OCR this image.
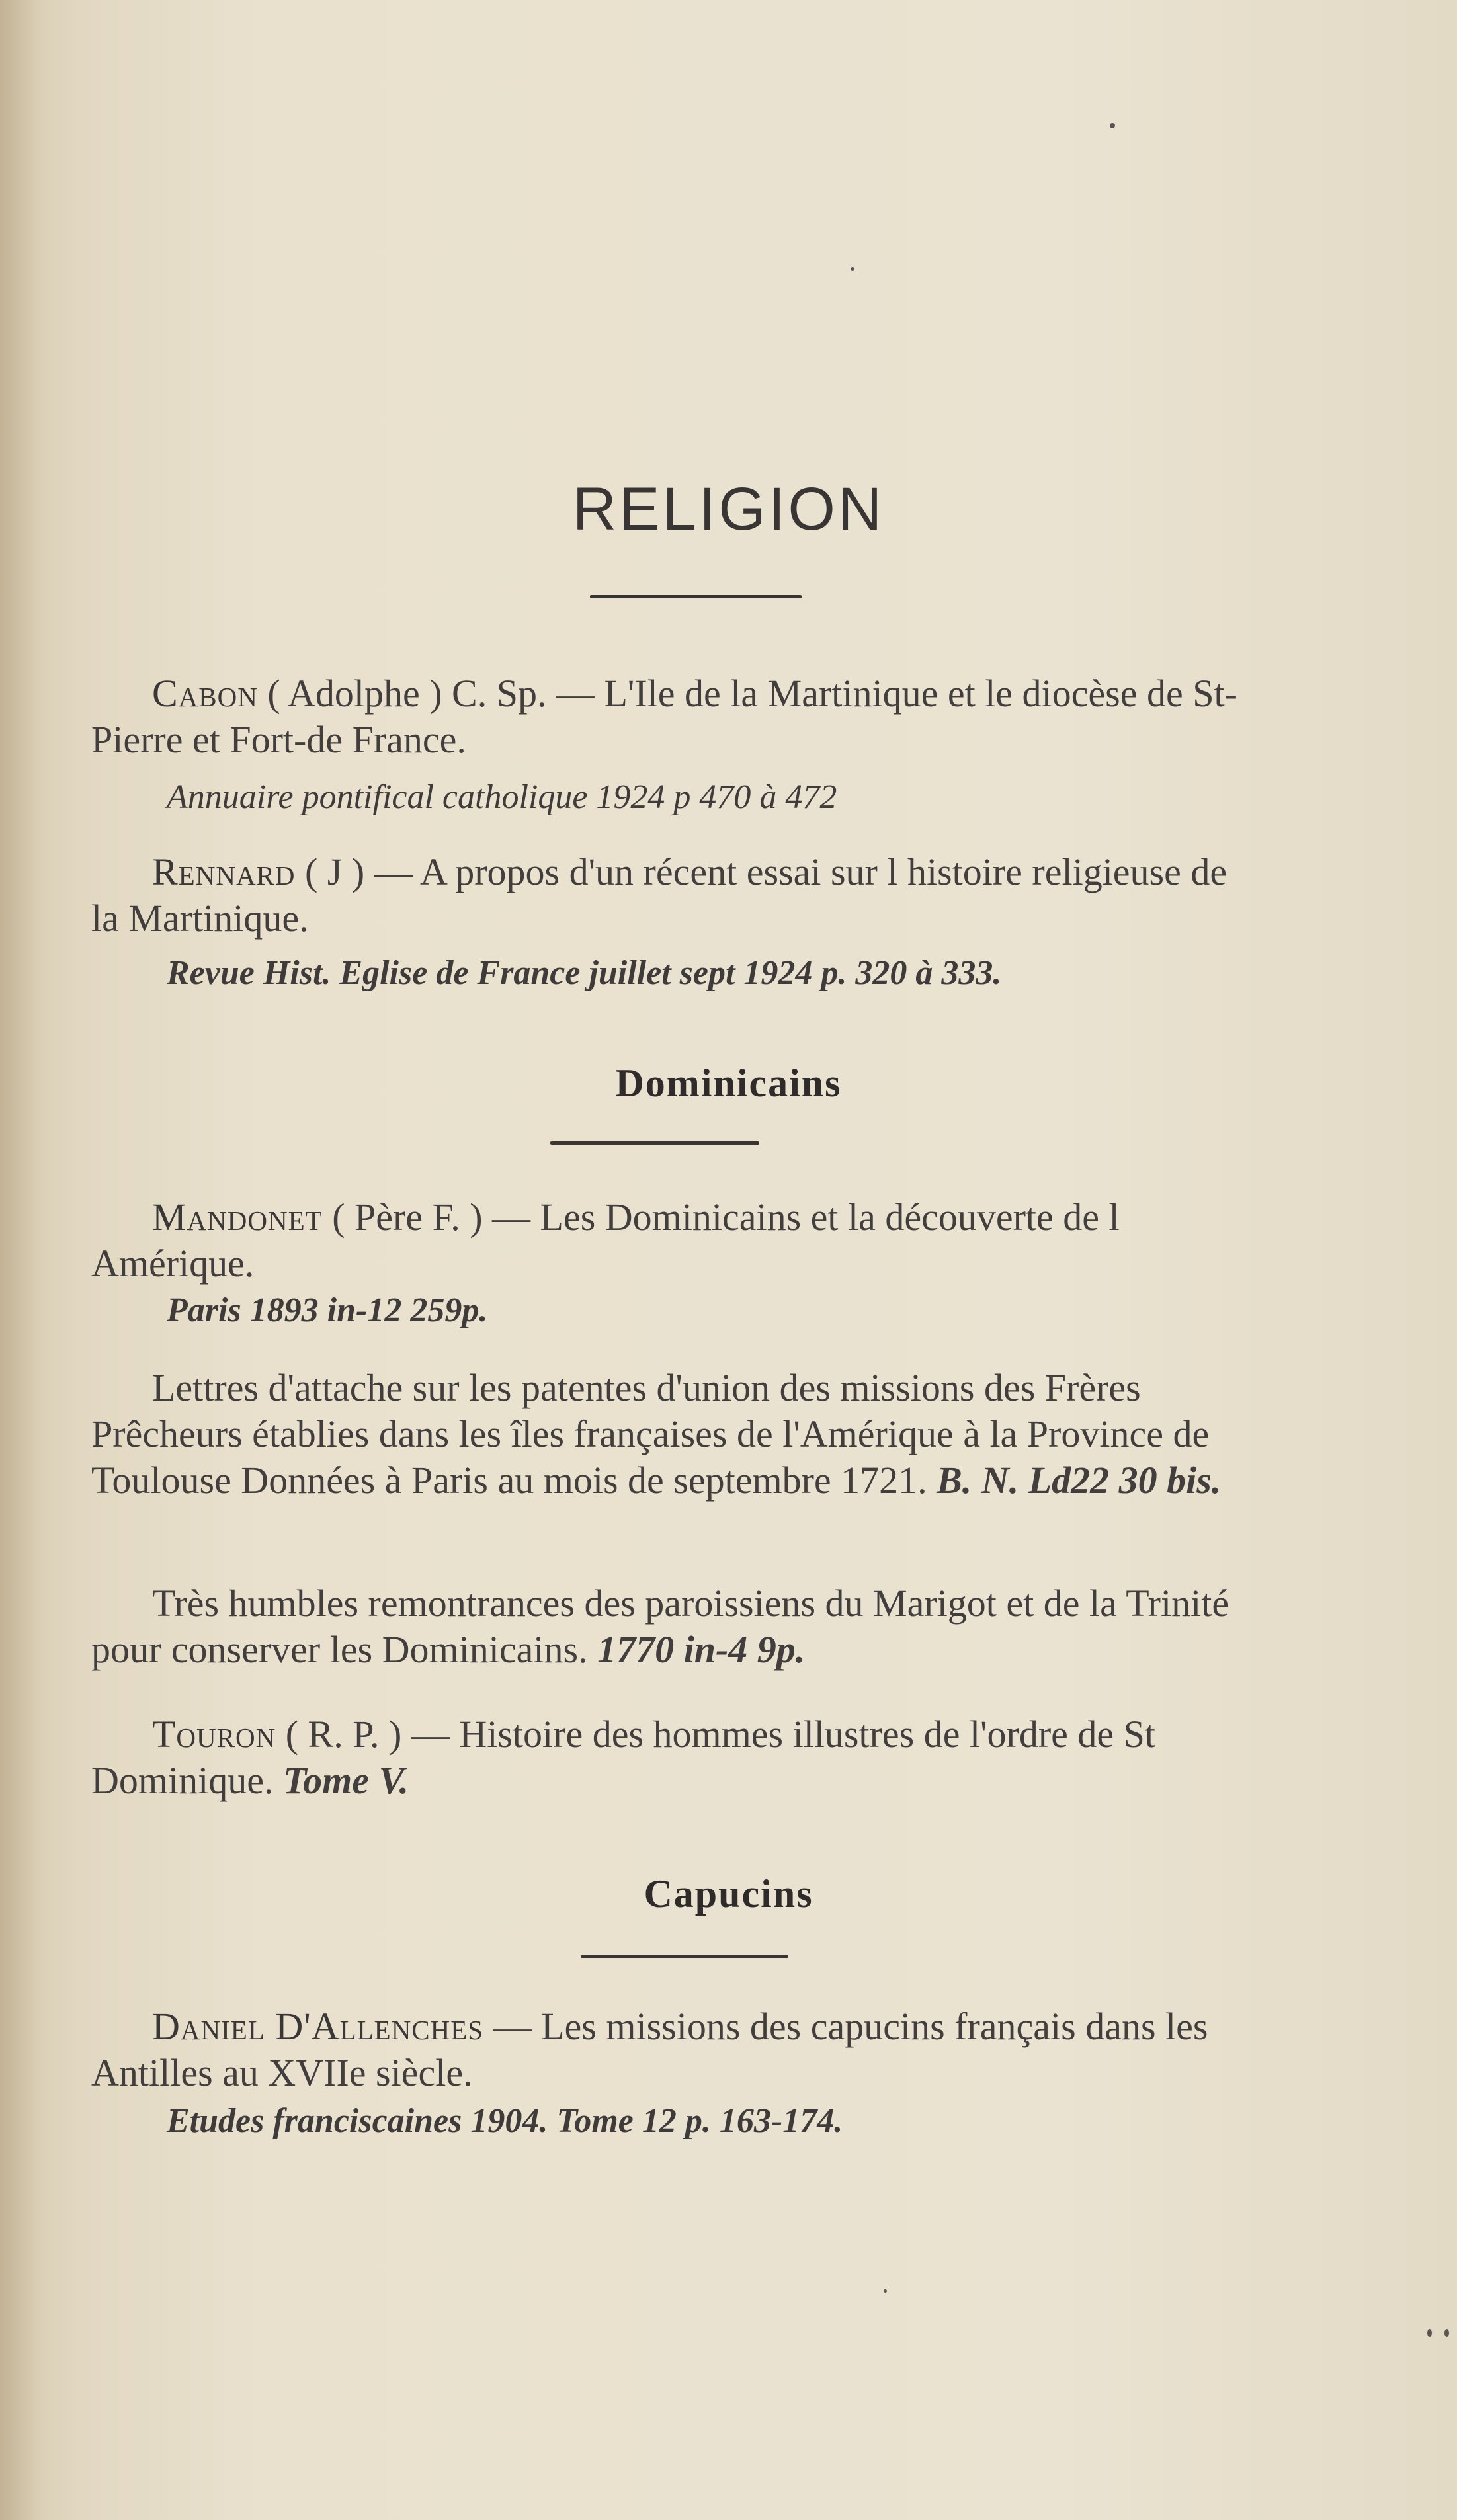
RELIGION

Cabon ( Adolphe ) C. Sp. — L'Ile de la Martinique et le diocèse de St-Pierre et Fort-de France.

Annuaire pontifical catholique 1924 p 470 à 472

Rennard ( J ) — A propos d'un récent essai sur l histoire religieuse de la Martinique.

Revue Hist. Eglise de France juillet sept 1924 p. 320 à 333.

Dominicains

Mandonet ( Père F. ) — Les Dominicains et la découverte de l Amérique.

Paris 1893 in-12 259p.

Lettres d'attache sur les patentes d'union des missions des Frères Prêcheurs établies dans les îles françaises de l'Amérique à la Province de Toulouse Données à Paris au mois de septembre 1721. B. N. Ld22 30 bis.

Très humbles remontrances des paroissiens du Marigot et de la Trinité pour conserver les Dominicains. 1770 in-4 9p.

Touron ( R. P. ) — Histoire des hommes illustres de l'ordre de St Dominique. Tome V.

Capucins

Daniel D'Allenches — Les missions des capucins français dans les Antilles au XVIIe siècle.

Etudes franciscaines 1904. Tome 12 p. 163-174.
